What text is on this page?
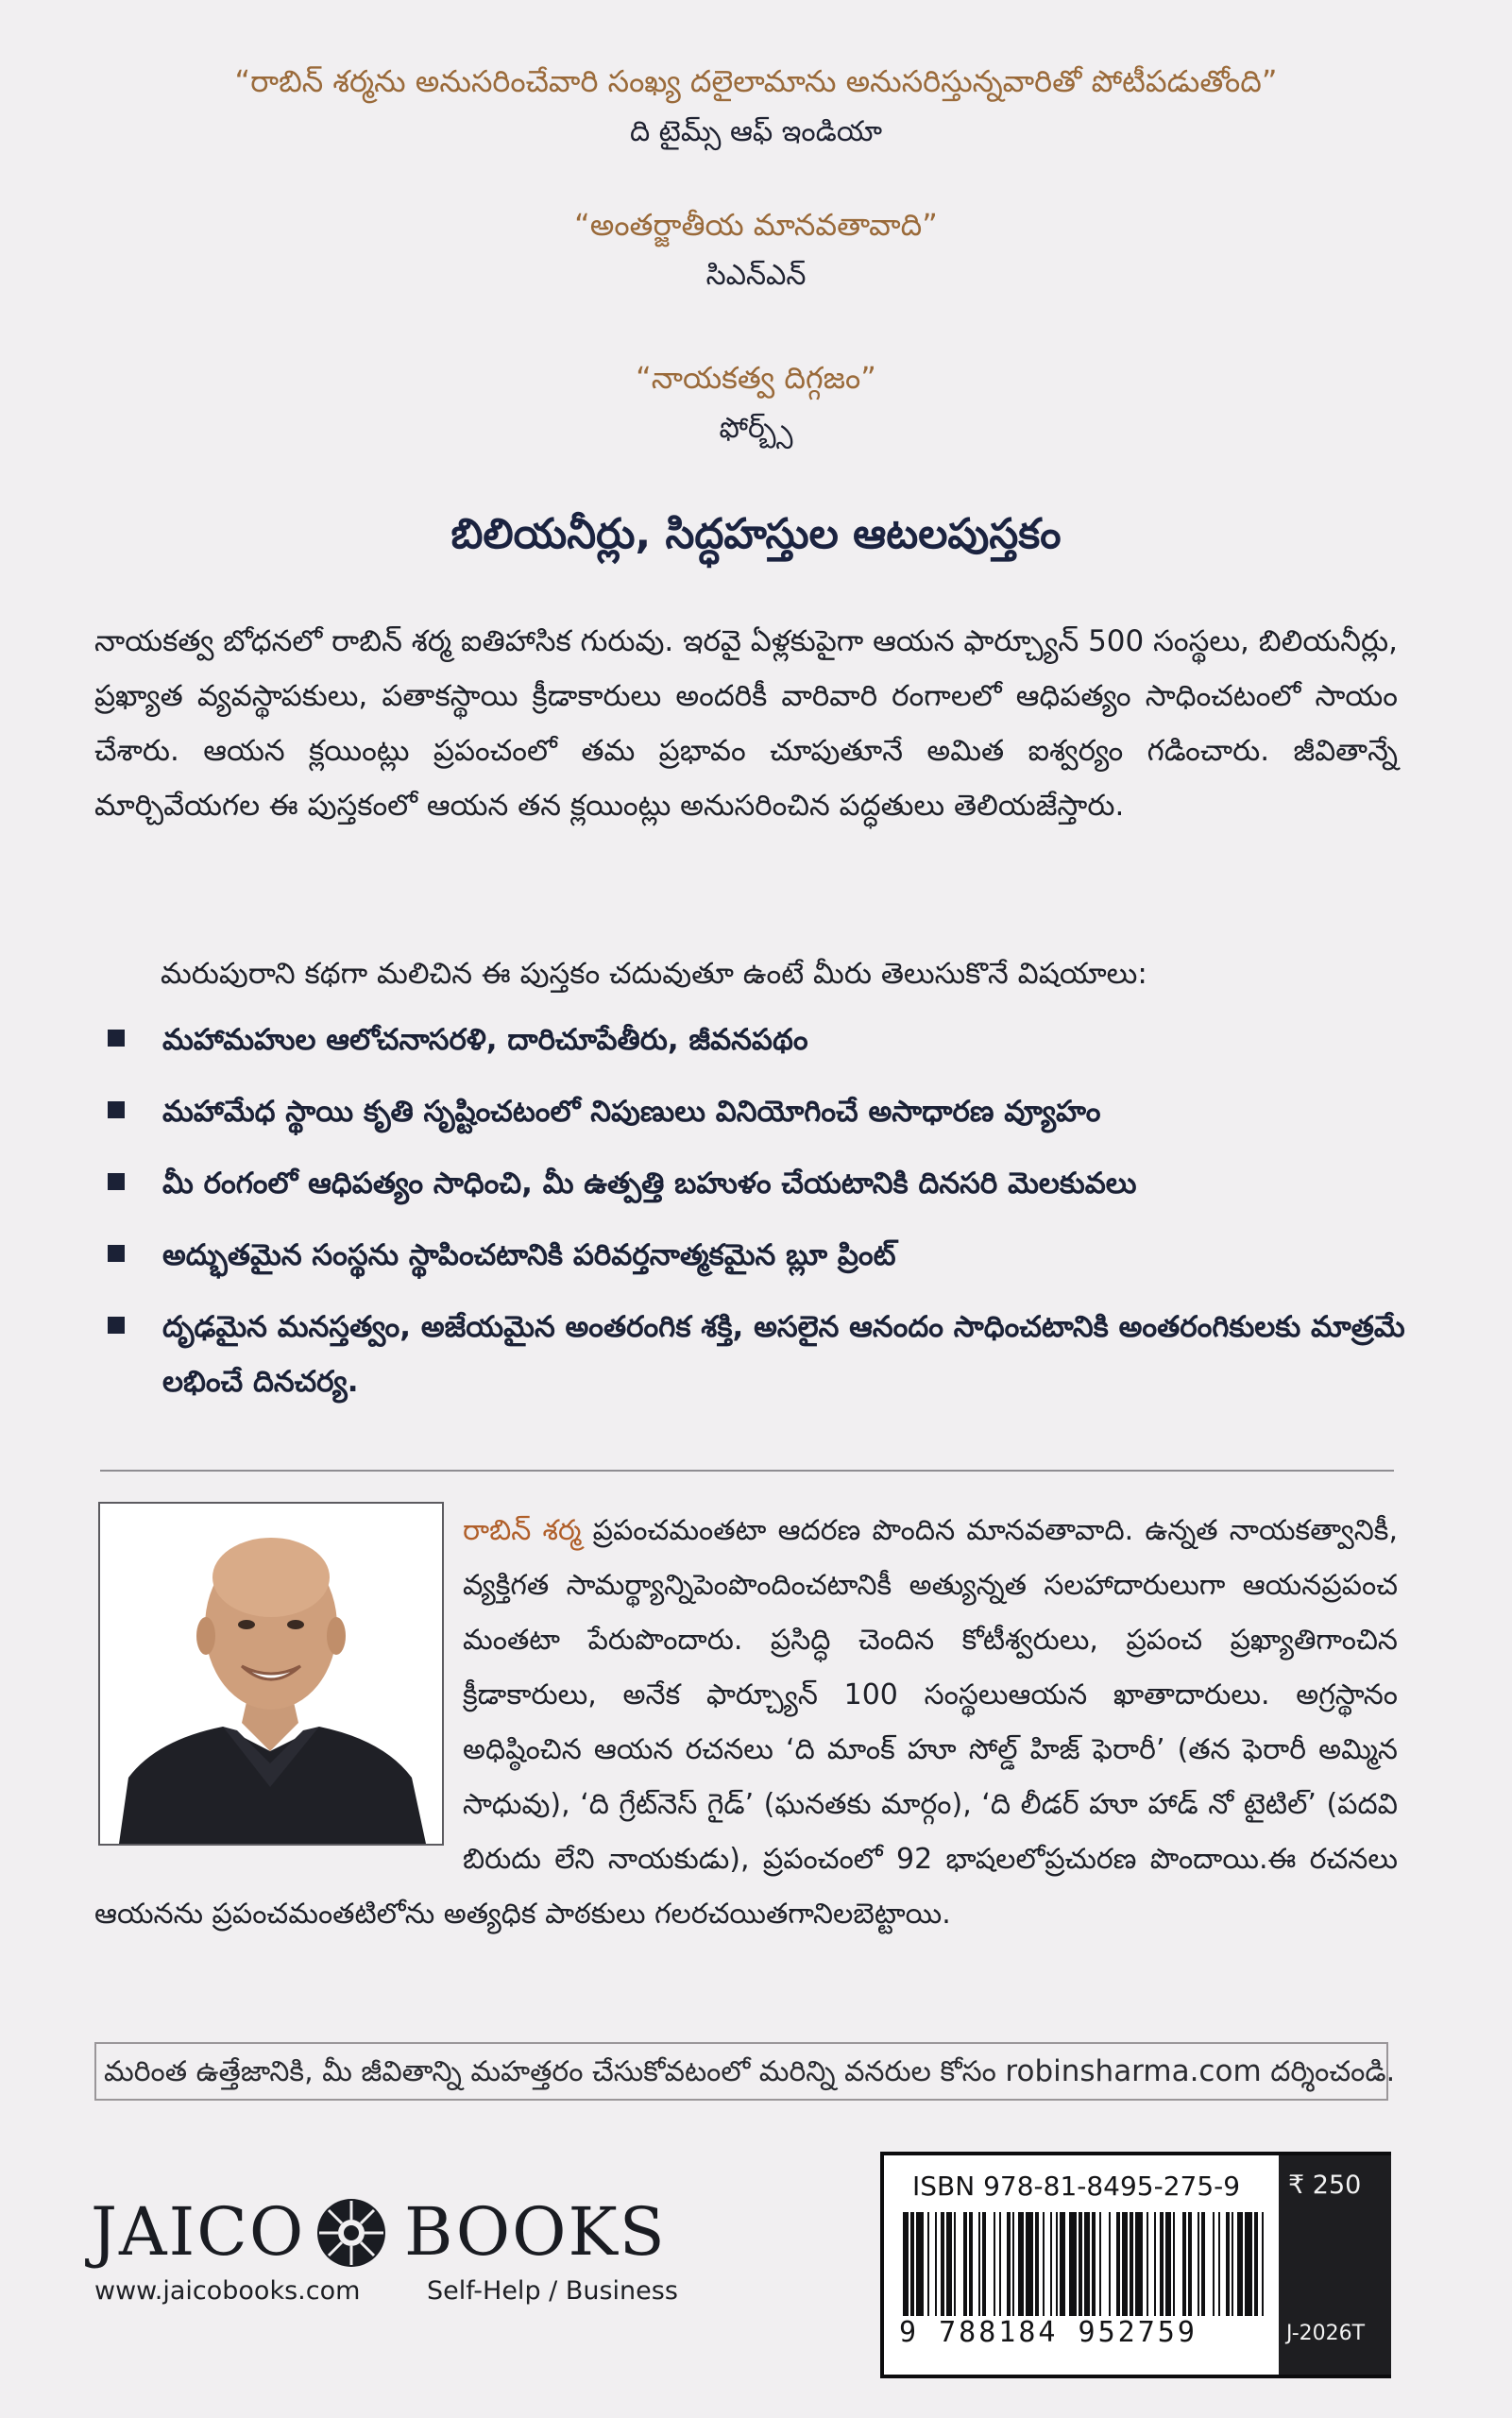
“రాబిన్ శర్మను అనుసరించేవారి సంఖ్య దలైలామాను అనుసరిస్తున్నవారితో పోటీపడుతోంది”
ది టైమ్స్ ఆఫ్ ఇండియా
“అంతర్జాతీయ మానవతావాది”
సిఎన్ఎన్
“నాయకత్వ దిగ్గజం”
ఫోర్బ్స్
బిలియనీర్లు, సిద్ధహస్తుల ఆటలపుస్తకం
నాయకత్వ బోధనలో రాబిన్ శర్మ ఐతిహాసిక గురువు. ఇరవై ఏళ్లకుపైగా ఆయన ఫార్చ్యూన్ 500 సంస్థలు, బిలియనీర్లు, ప్రఖ్యాత వ్యవస్థాపకులు, పతాకస్థాయి క్రీడాకారులు అందరికీ వారివారి రంగాలలో ఆధిపత్యం సాధించటంలో సాయం చేశారు. ఆయన క్లయింట్లు ప్రపంచంలో తమ ప్రభావం చూపుతూనే అమిత ఐశ్వర్యం గడించారు. జీవితాన్నే మార్చివేయగల ఈ పుస్తకంలో ఆయన తన క్లయింట్లు అనుసరించిన పద్ధతులు తెలియజేస్తారు.
మరుపురాని కథగా మలిచిన ఈ పుస్తకం చదువుతూ ఉంటే మీరు తెలుసుకొనే విషయాలు:
మహామహుల ఆలోచనాసరళి, దారిచూపేతీరు, జీవనపథం
మహామేధ స్థాయి కృతి సృష్టించటంలో నిపుణులు వినియోగించే అసాధారణ వ్యూహం
మీ రంగంలో ఆధిపత్యం సాధించి, మీ ఉత్పత్తి బహుళం చేయటానికి దినసరి మెలకువలు
అద్భుతమైన సంస్థను స్థాపించటానికి పరివర్తనాత్మకమైన బ్లూ ప్రింట్
దృఢమైన మనస్తత్వం, అజేయమైన అంతరంగిక శక్తి, అసలైన ఆనందం సాధించటానికి అంతరంగికులకు మాత్రమే లభించే దినచర్య.
రాబిన్ శర్మ ప్రపంచమంతటా ఆదరణ పొందిన మానవతావాది. ఉన్నత నాయకత్వానికీ, వ్యక్తిగత సామర్థ్యాన్నిపెంపొందించటానికీ అత్యున్నత సలహాదారులుగా ఆయనప్రపంచ మంతటా పేరుపొందారు. ప్రసిద్ధి చెందిన కోటీశ్వరులు, ప్రపంచ ప్రఖ్యాతిగాంచిన క్రీడాకారులు, అనేక ఫార్చ్యూన్ 100 సంస్థలుఆయన ఖాతాదారులు. అగ్రస్థానం అధిష్ఠించిన ఆయన రచనలు ‘ది మాంక్ హూ సోల్డ్ హిజ్ ఫెరారీ’ (తన ఫెరారీ అమ్మిన సాధువు), ‘ది గ్రేట్‌నెస్ గైడ్’ (ఘనతకు మార్గం), ‘ది లీడర్ హూ హాడ్ నో టైటిల్’ (పదవి బిరుదు లేని నాయకుడు), ప్రపంచంలో 92 భాషలలోప్రచురణ పొందాయి.ఈ రచనలు ఆయనను ప్రపంచమంతటిలోను అత్యధిక పాఠకులు గలరచయితగానిలబెట్టాయి.
మరింత ఉత్తేజానికి, మీ జీవితాన్ని మహత్తరం చేసుకోవటంలో మరిన్ని వనరుల కోసం robinsharma.com దర్శించండి.
JAICO BOOKS
www.jaicobooks.com	Self-Help / Business
ISBN 978-81-8495-275-9
9 788184 952759
₹ 250
J-2026T
